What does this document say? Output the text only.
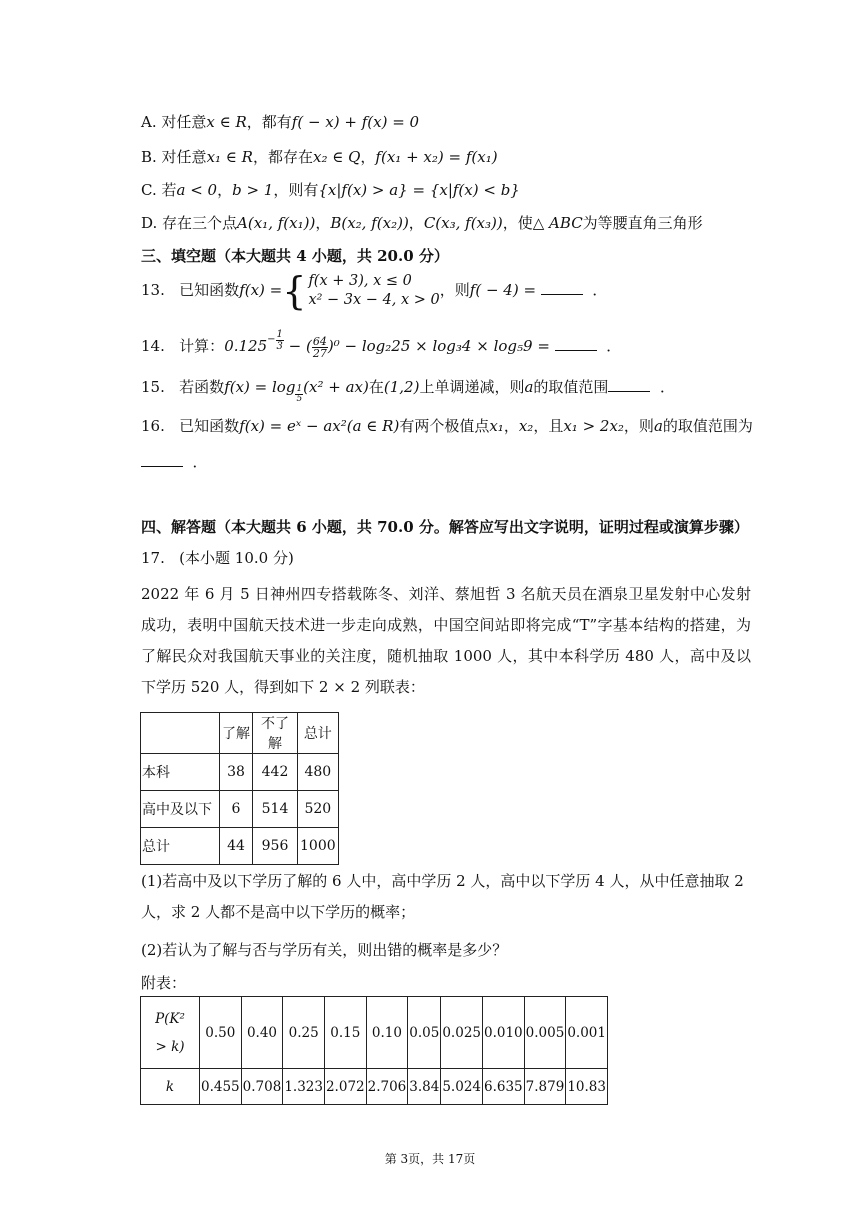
A. 对任意x ∈ R，都有f( − x) + f(x) = 0
B. 对任意x₁ ∈ R，都存在x₂ ∈ Q，f(x₁ + x₂) = f(x₁)
C. 若a < 0，b > 1，则有{x|f(x) > a} = {x|f(x) < b}
D. 存在三个点A(x₁, f(x₁))，B(x₂, f(x₂))，C(x₃, f(x₃))，使△ ABC为等腰直角三角形
三、填空题（本大题共 4 小题，共 20.0 分）
13. 已知函数f(x) ={ f(x + 3), x ≤ 0
x² − 3x − 4, x > 0
，则f( − 4) =	．
14. 计算：$0.125^{- \frac{1}{3}}$ − ( $\frac{64}{27} )^0 - \log_225 \times \log_34 \times \log_59$ =	．
15. 若函数$f(x) = \log \frac{1}{5} (x^2 + ax)$在(1,2)上单调递减，则a的取值范围	．
16. 已知函数f(x) = eˣ − ax²(a ∈ R)有两个极值点x₁，x₂，且x₁ > 2x₂，则a的取值范围为
．
四、解答题（本大题共 6 小题，共 70.0 分。解答应写出文字说明，证明过程或演算步骤）
17. (本小题 10.0 分)
2022 年 6 月 5 日神州四专搭载陈冬、刘洋、蔡旭哲 3 名航天员在酒泉卫星发射中心发射成功，表明中国航天技术进一步走向成熟，中国空间站即将完成“T”字基本结构的搭建，为了解民众对我国航天事业的关注度，随机抽取 1000 人，其中本科学历 480 人，高中及以下学历 520 人，得到如下 2 × 2 列联表：
	了解	不了解	总计
本科	38	442	480
高中及以下	6	514	520
总计	44	956	1000
(1)若高中及以下学历了解的 6 人中，高中学历 2 人，高中以下学历 4 人，从中任意抽取 2 人，求 2 人都不是高中以下学历的概率；
(2)若认为了解与否与学历有关，则出错的概率是多少？
附表：
P(K²
> k)	0.50	0.40	0.25	0.15	0.10	0.05	0.025	0.010	0.005	0.001
k	0.455	0.708	1.323	2.072	2.706	3.84	5.024	6.635	7.879	10.83
第 3页，共 17页
